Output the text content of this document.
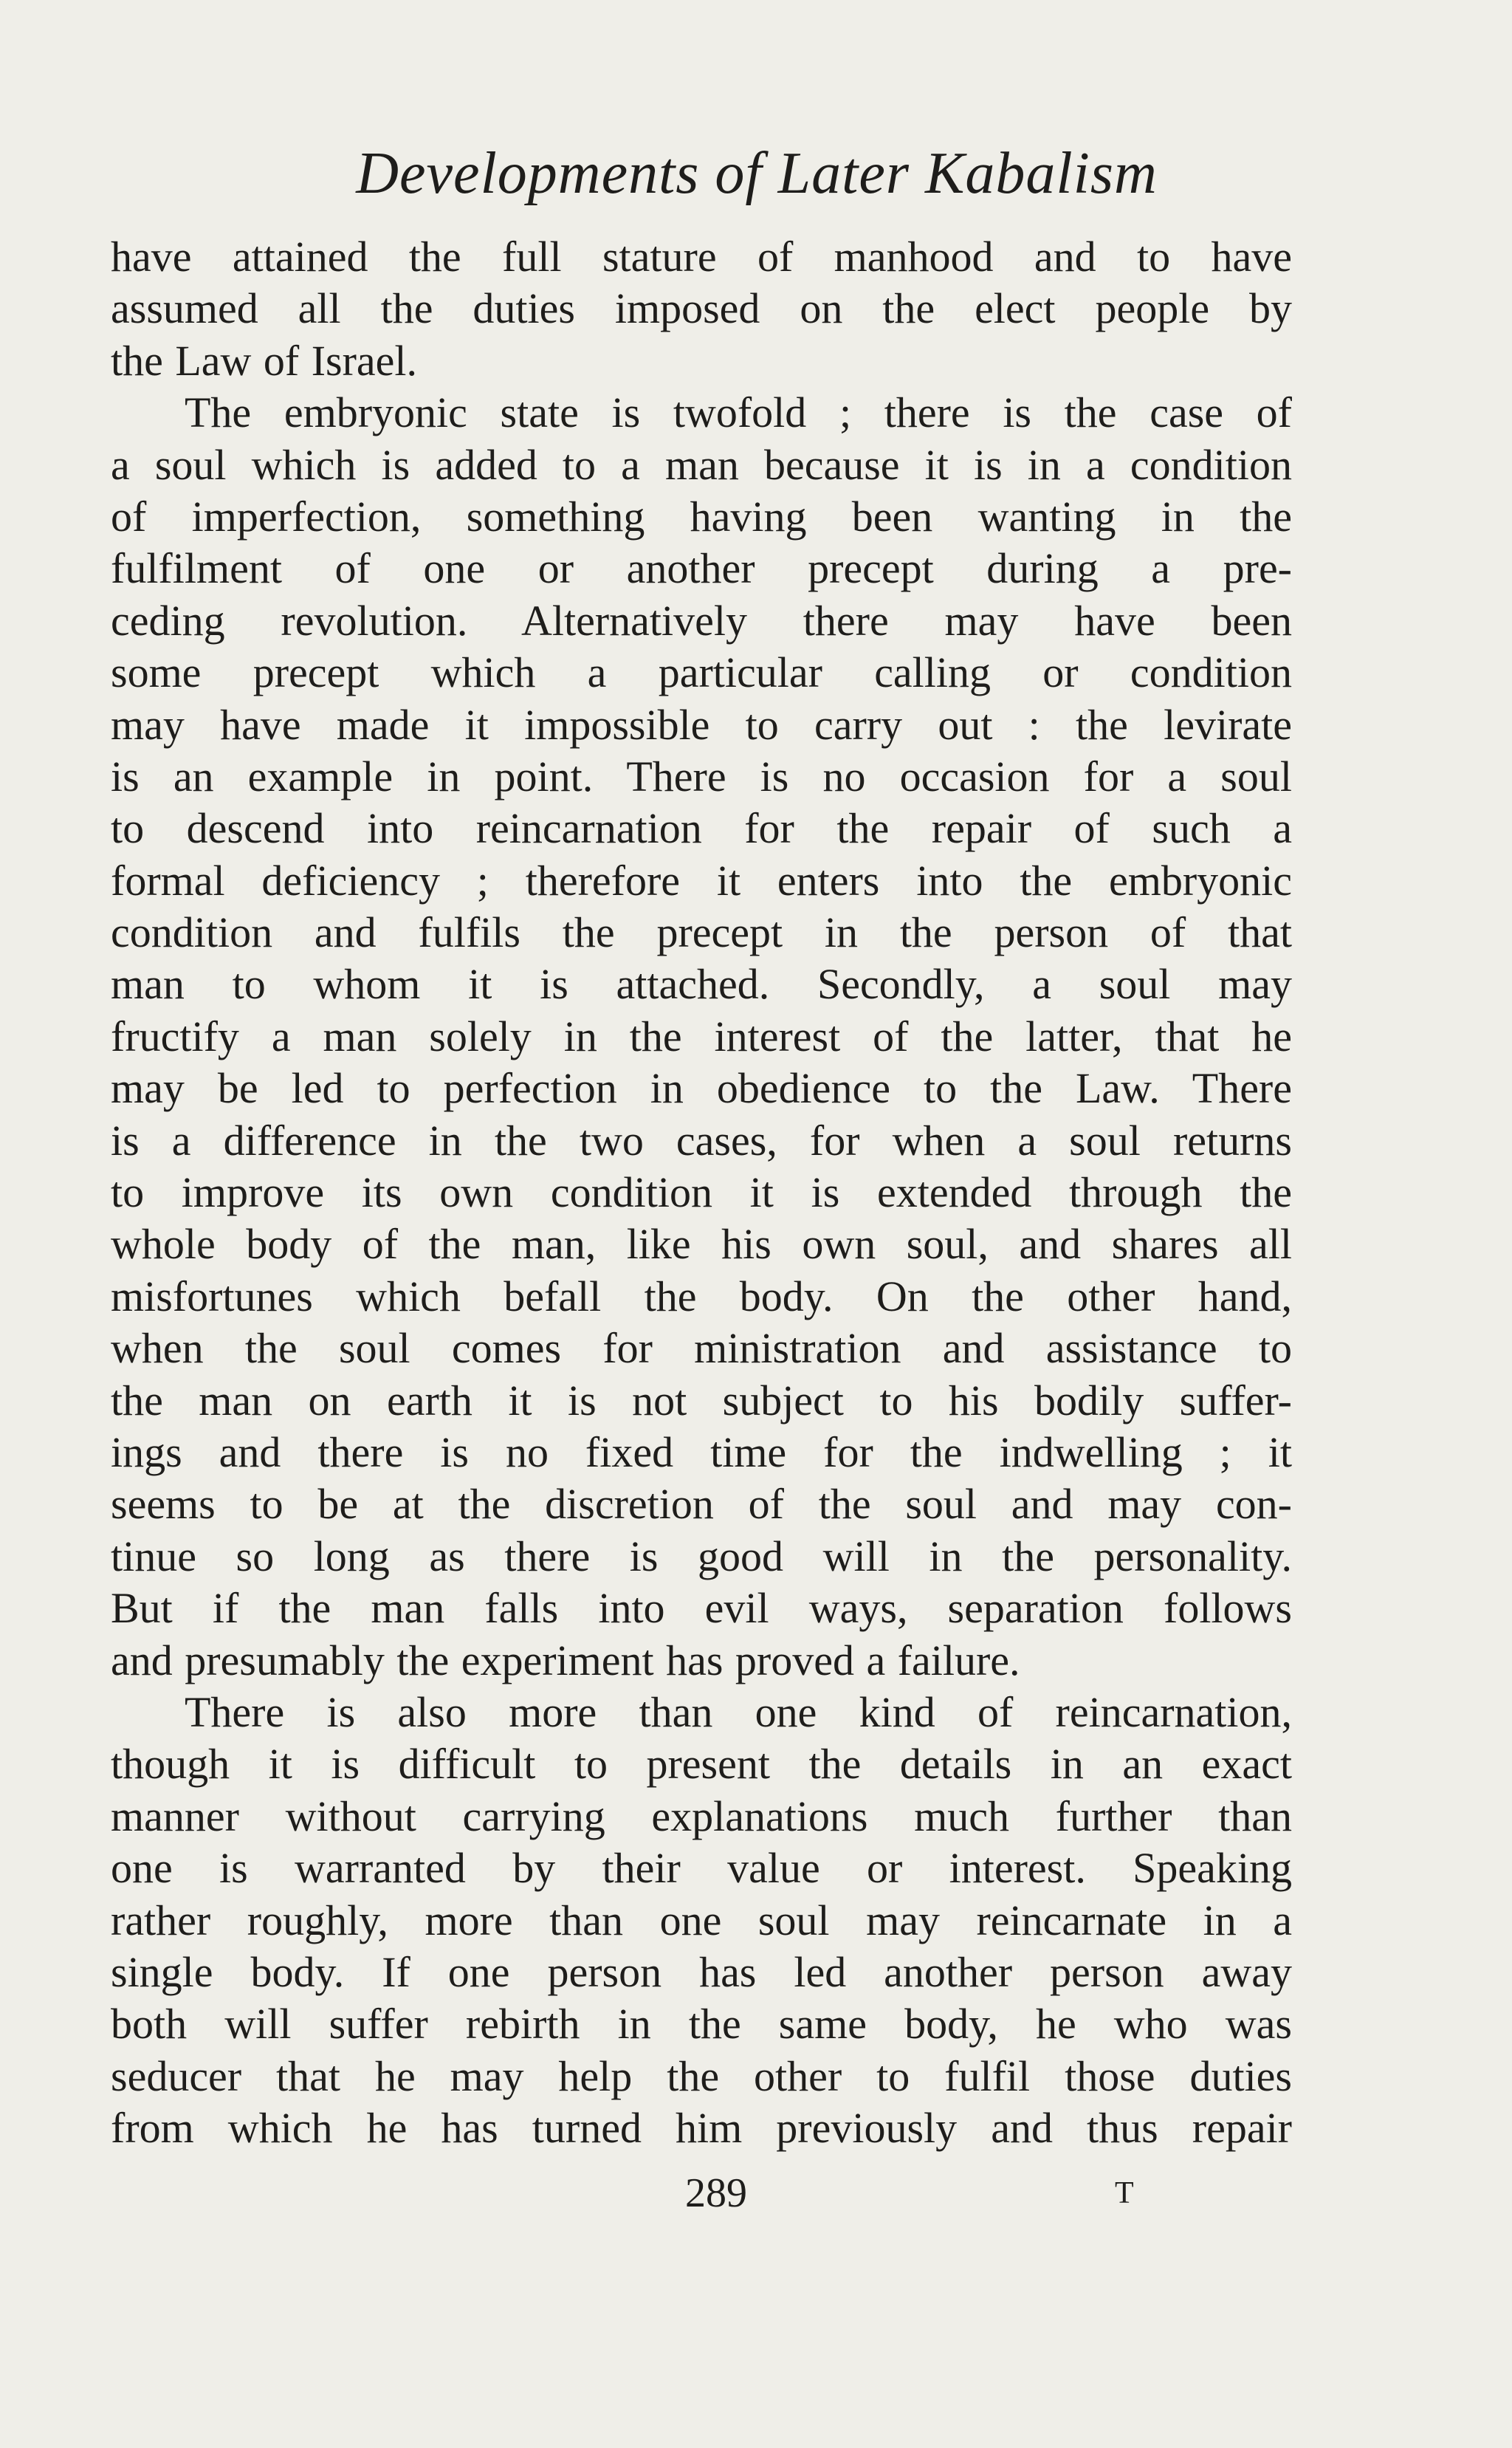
Developments of Later Kabalism
have attained the full stature of manhood and to have
assumed all the duties imposed on the elect people by
the Law of Israel.
The embryonic state is twofold ; there is the case of
a soul which is added to a man because it is in a condition
of imperfection, something having been wanting in the
fulfilment of one or another precept during a pre-
ceding revolution. Alternatively there may have been
some precept which a particular calling or condition
may have made it impossible to carry out : the levirate
is an example in point. There is no occasion for a soul
to descend into reincarnation for the repair of such a
formal deficiency ; therefore it enters into the embryonic
condition and fulfils the precept in the person of that
man to whom it is attached. Secondly, a soul may
fructify a man solely in the interest of the latter, that he
may be led to perfection in obedience to the Law. There
is a difference in the two cases, for when a soul returns
to improve its own condition it is extended through the
whole body of the man, like his own soul, and shares all
misfortunes which befall the body. On the other hand,
when the soul comes for ministration and assistance to
the man on earth it is not subject to his bodily suffer-
ings and there is no fixed time for the indwelling ; it
seems to be at the discretion of the soul and may con-
tinue so long as there is good will in the personality.
But if the man falls into evil ways, separation follows
and presumably the experiment has proved a failure.
There is also more than one kind of reincarnation,
though it is difficult to present the details in an exact
manner without carrying explanations much further than
one is warranted by their value or interest. Speaking
rather roughly, more than one soul may reincarnate in a
single body. If one person has led another person away
both will suffer rebirth in the same body, he who was
seducer that he may help the other to fulfil those duties
from which he has turned him previously and thus repair
289	T
